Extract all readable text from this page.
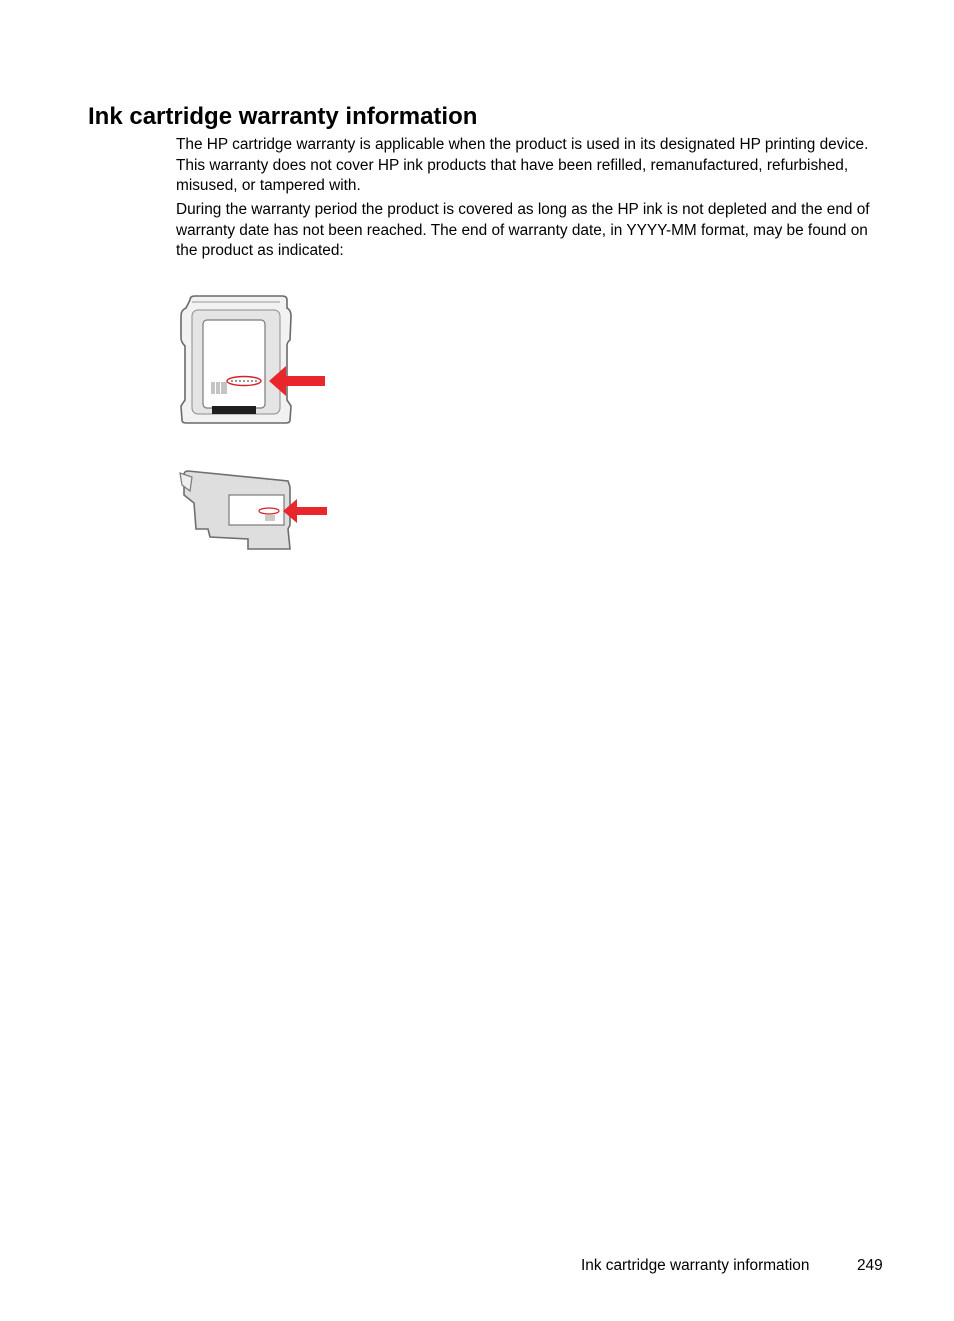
Ink cartridge warranty information

The HP cartridge warranty is applicable when the product is used in its designated HP printing device. This warranty does not cover HP ink products that have been refilled, remanufactured, refurbished, misused, or tampered with.

During the warranty period the product is covered as long as the HP ink is not depleted and the end of warranty date has not been reached. The end of warranty date, in YYYY-MM format, may be found on the product as indicated:

Ink cartridge warranty information	249
